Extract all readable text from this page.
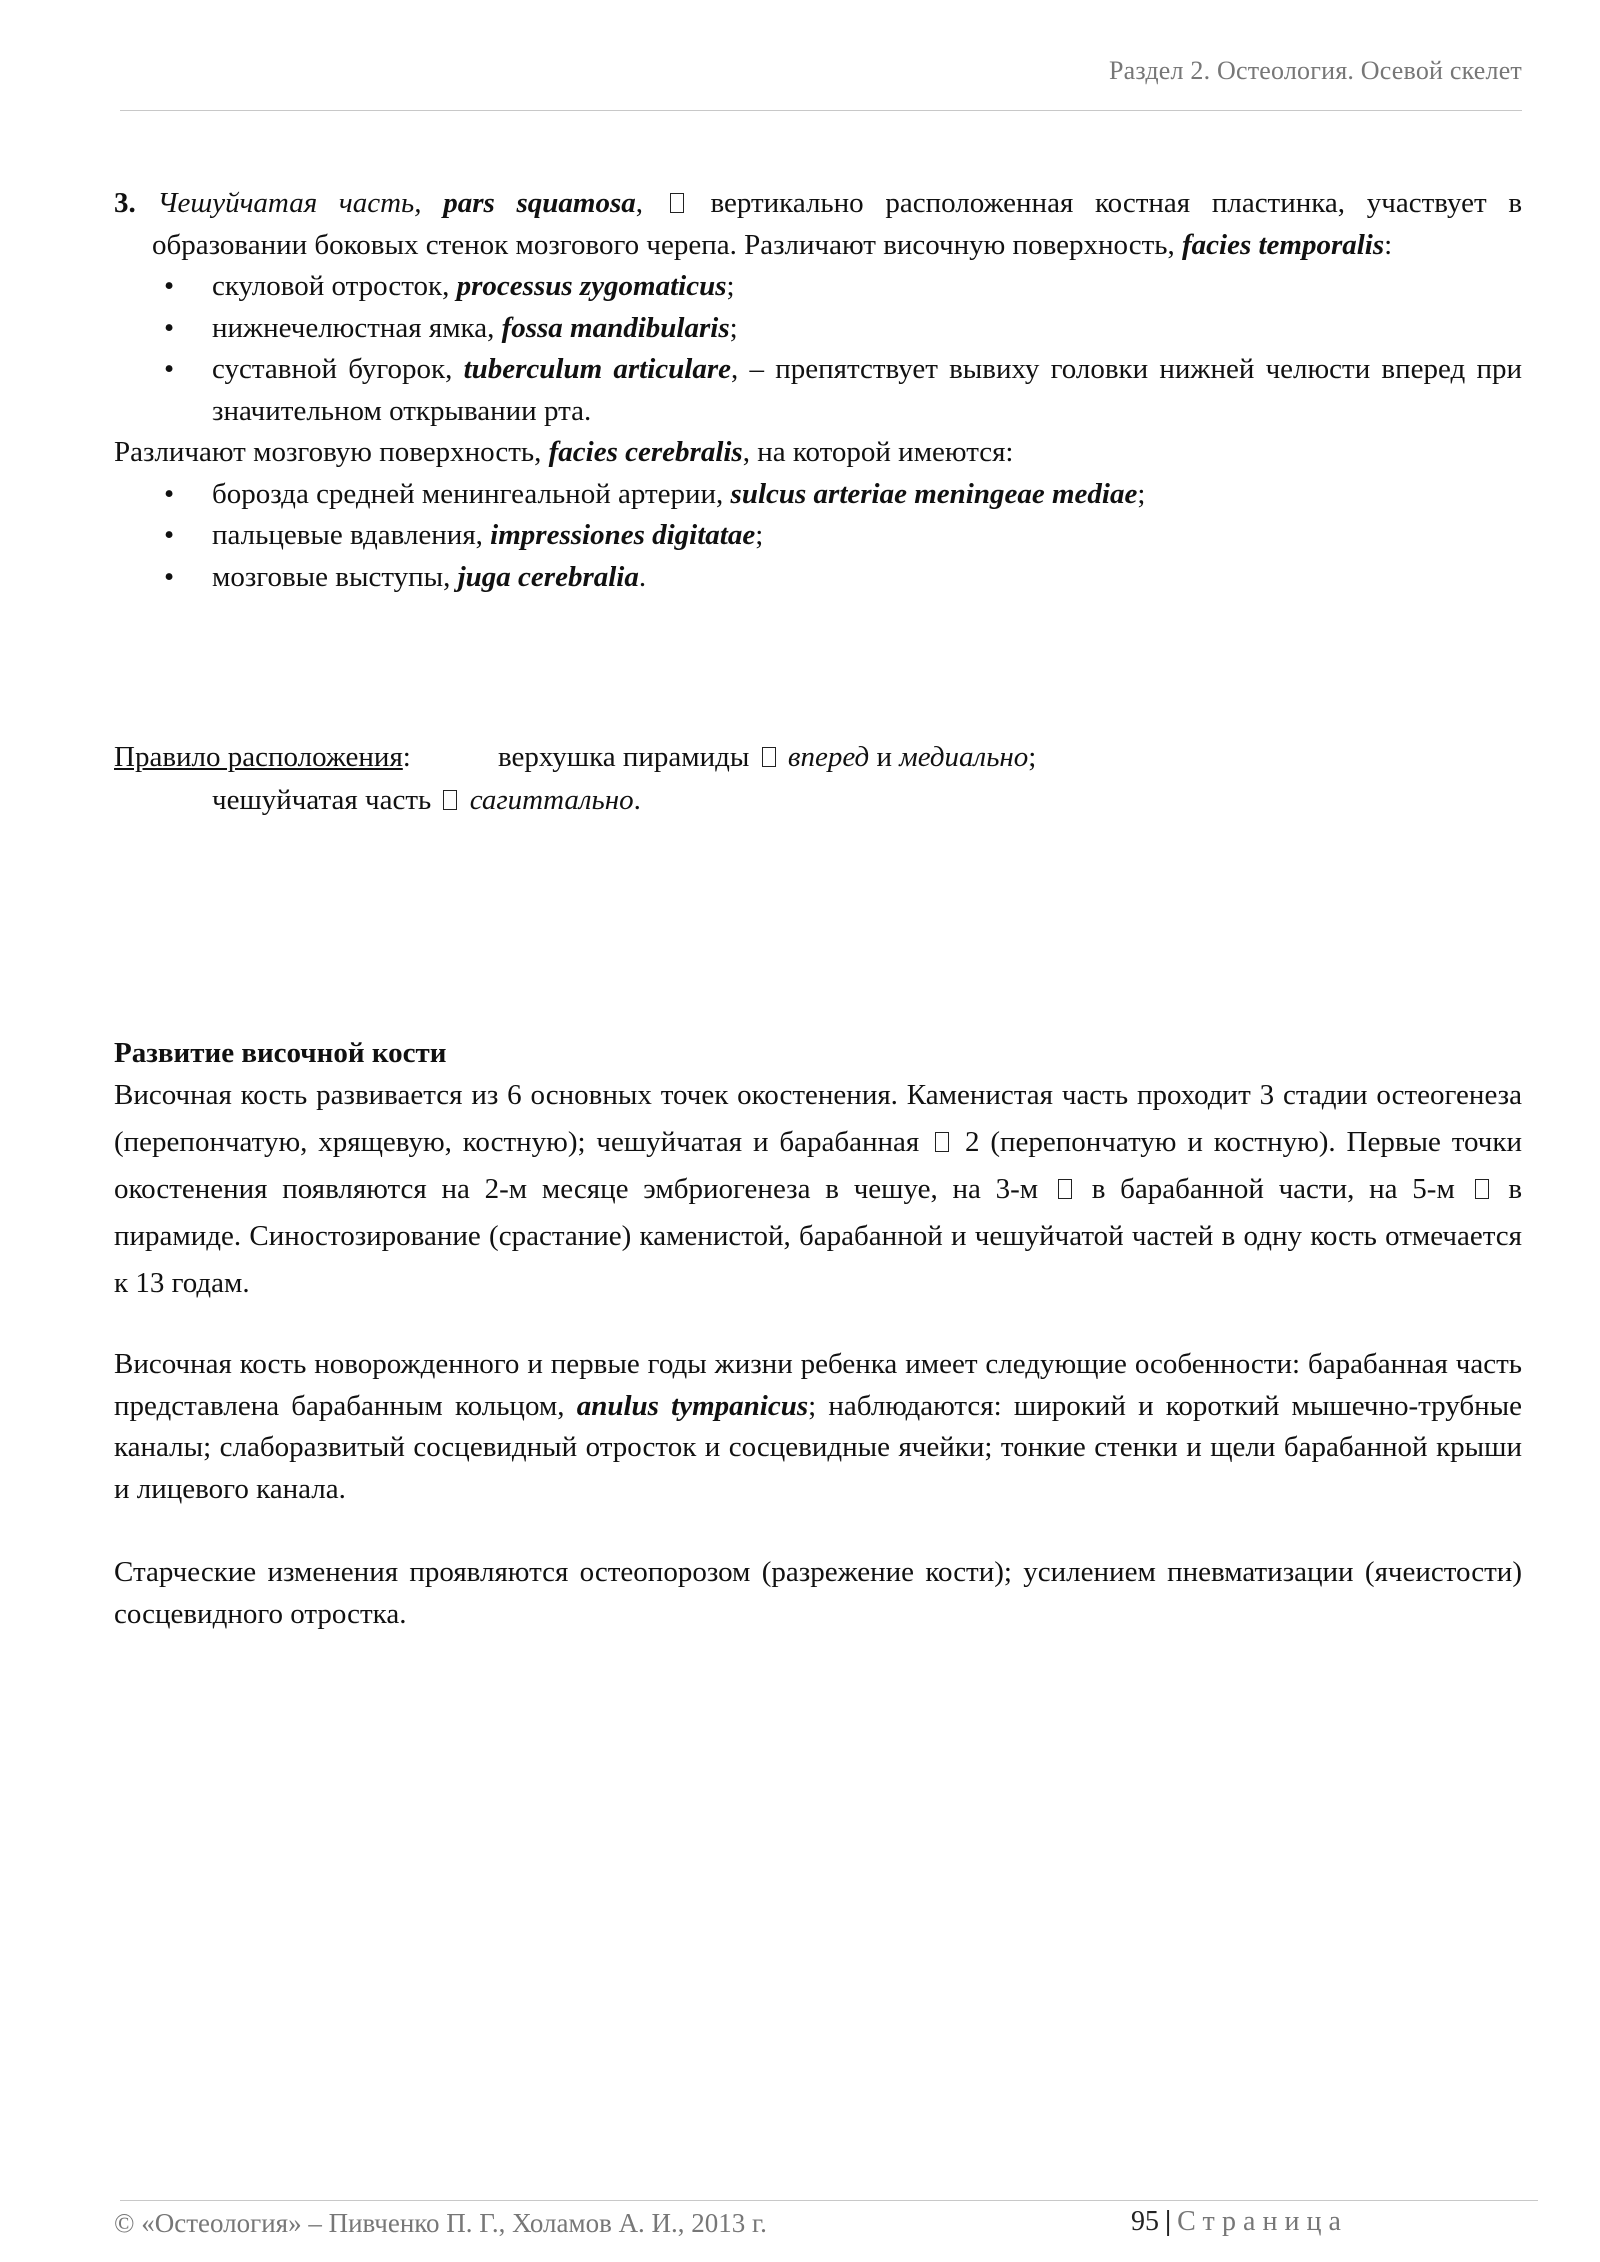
Раздел 2. Остеология. Осевой скелет

3. Чешуйчатая часть, pars squamosa,  вертикально расположенная костная пластинка, участвует в образовании боковых стенок мозгового черепа. Различают височную поверхность, facies temporalis:

• скуловой отросток, processus zygomaticus;
• нижнечелюстная ямка, fossa mandibularis;
• суставной бугорок, tuberculum articulare, – препятствует вывиху головки нижней челюсти вперед при значительном открывании рта.

Различают мозговую поверхность, facies cerebralis, на которой имеются:

• борозда средней менингеальной артерии, sulcus arteriae meningeae mediae;
• пальцевые вдавления, impressiones digitatae;
• мозговые выступы, juga cerebralia.
Правило расположения:	верхушка пирамиды вперед и медиально;
чешуйчатая часть сагиттально.
Развитие височной кости

Височная кость развивается из 6 основных точек окостенения. Каменистая часть проходит 3 стадии остеогенеза (перепончатую, хрящевую, костную); чешуйчатая и барабанная 2 (перепончатую и костную). Первые точки окостенения появляются на 2-м месяце эмбриогенеза в чешуе, на 3-м в барабанной части, на 5-м в пирамиде. Синостозирование (срастание) каменистой, барабанной и чешуйчатой частей в одну кость отмечается к 13 годам.

Височная кость новорожденного и первые годы жизни ребенка имеет следующие особенности: барабанная часть представлена барабанным кольцом, anulus tympanicus; наблюдаются: широкий и короткий мышечно-трубные каналы; слаборазвитый сосцевидный отросток и сосцевидные ячейки; тонкие стенки и щели барабанной крыши и лицевого канала.

Старческие изменения проявляются остеопорозом (разрежение кости); усилением пневматизации (ячеистости) сосцевидного отростка.

© «Остеология» – Пивченко П. Г., Холамов А. И., 2013 г.	95 | Страница
